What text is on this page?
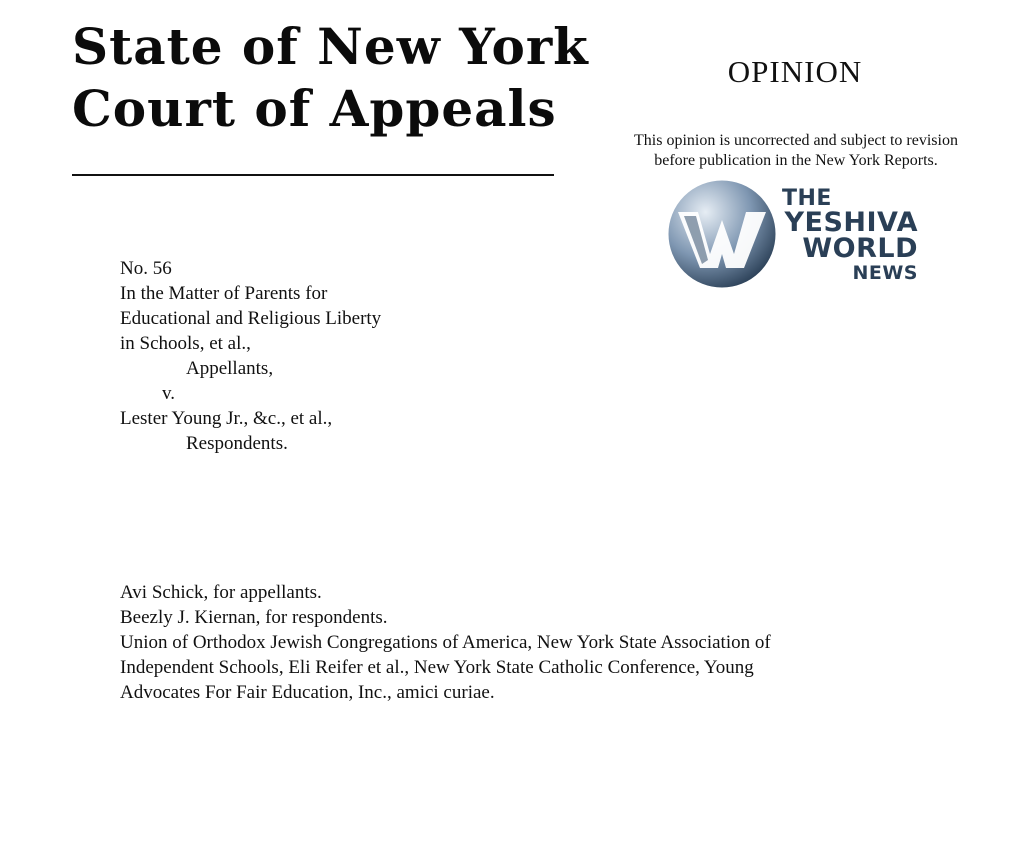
State of New York
Court of Appeals
OPINION
This opinion is uncorrected and subject to revision
before publication in the New York Reports.
THE
YESHIVA
WORLD
NEWS
No. 56
In the Matter of Parents for
Educational and Religious Liberty
in Schools, et al.,
Appellants,
v.
Lester Young Jr., &c., et al.,
Respondents.
Avi Schick, for appellants.
Beezly J. Kiernan, for respondents.
Union of Orthodox Jewish Congregations of America, New York State Association of
Independent Schools, Eli Reifer et al., New York State Catholic Conference, Young
Advocates For Fair Education, Inc., amici curiae.
